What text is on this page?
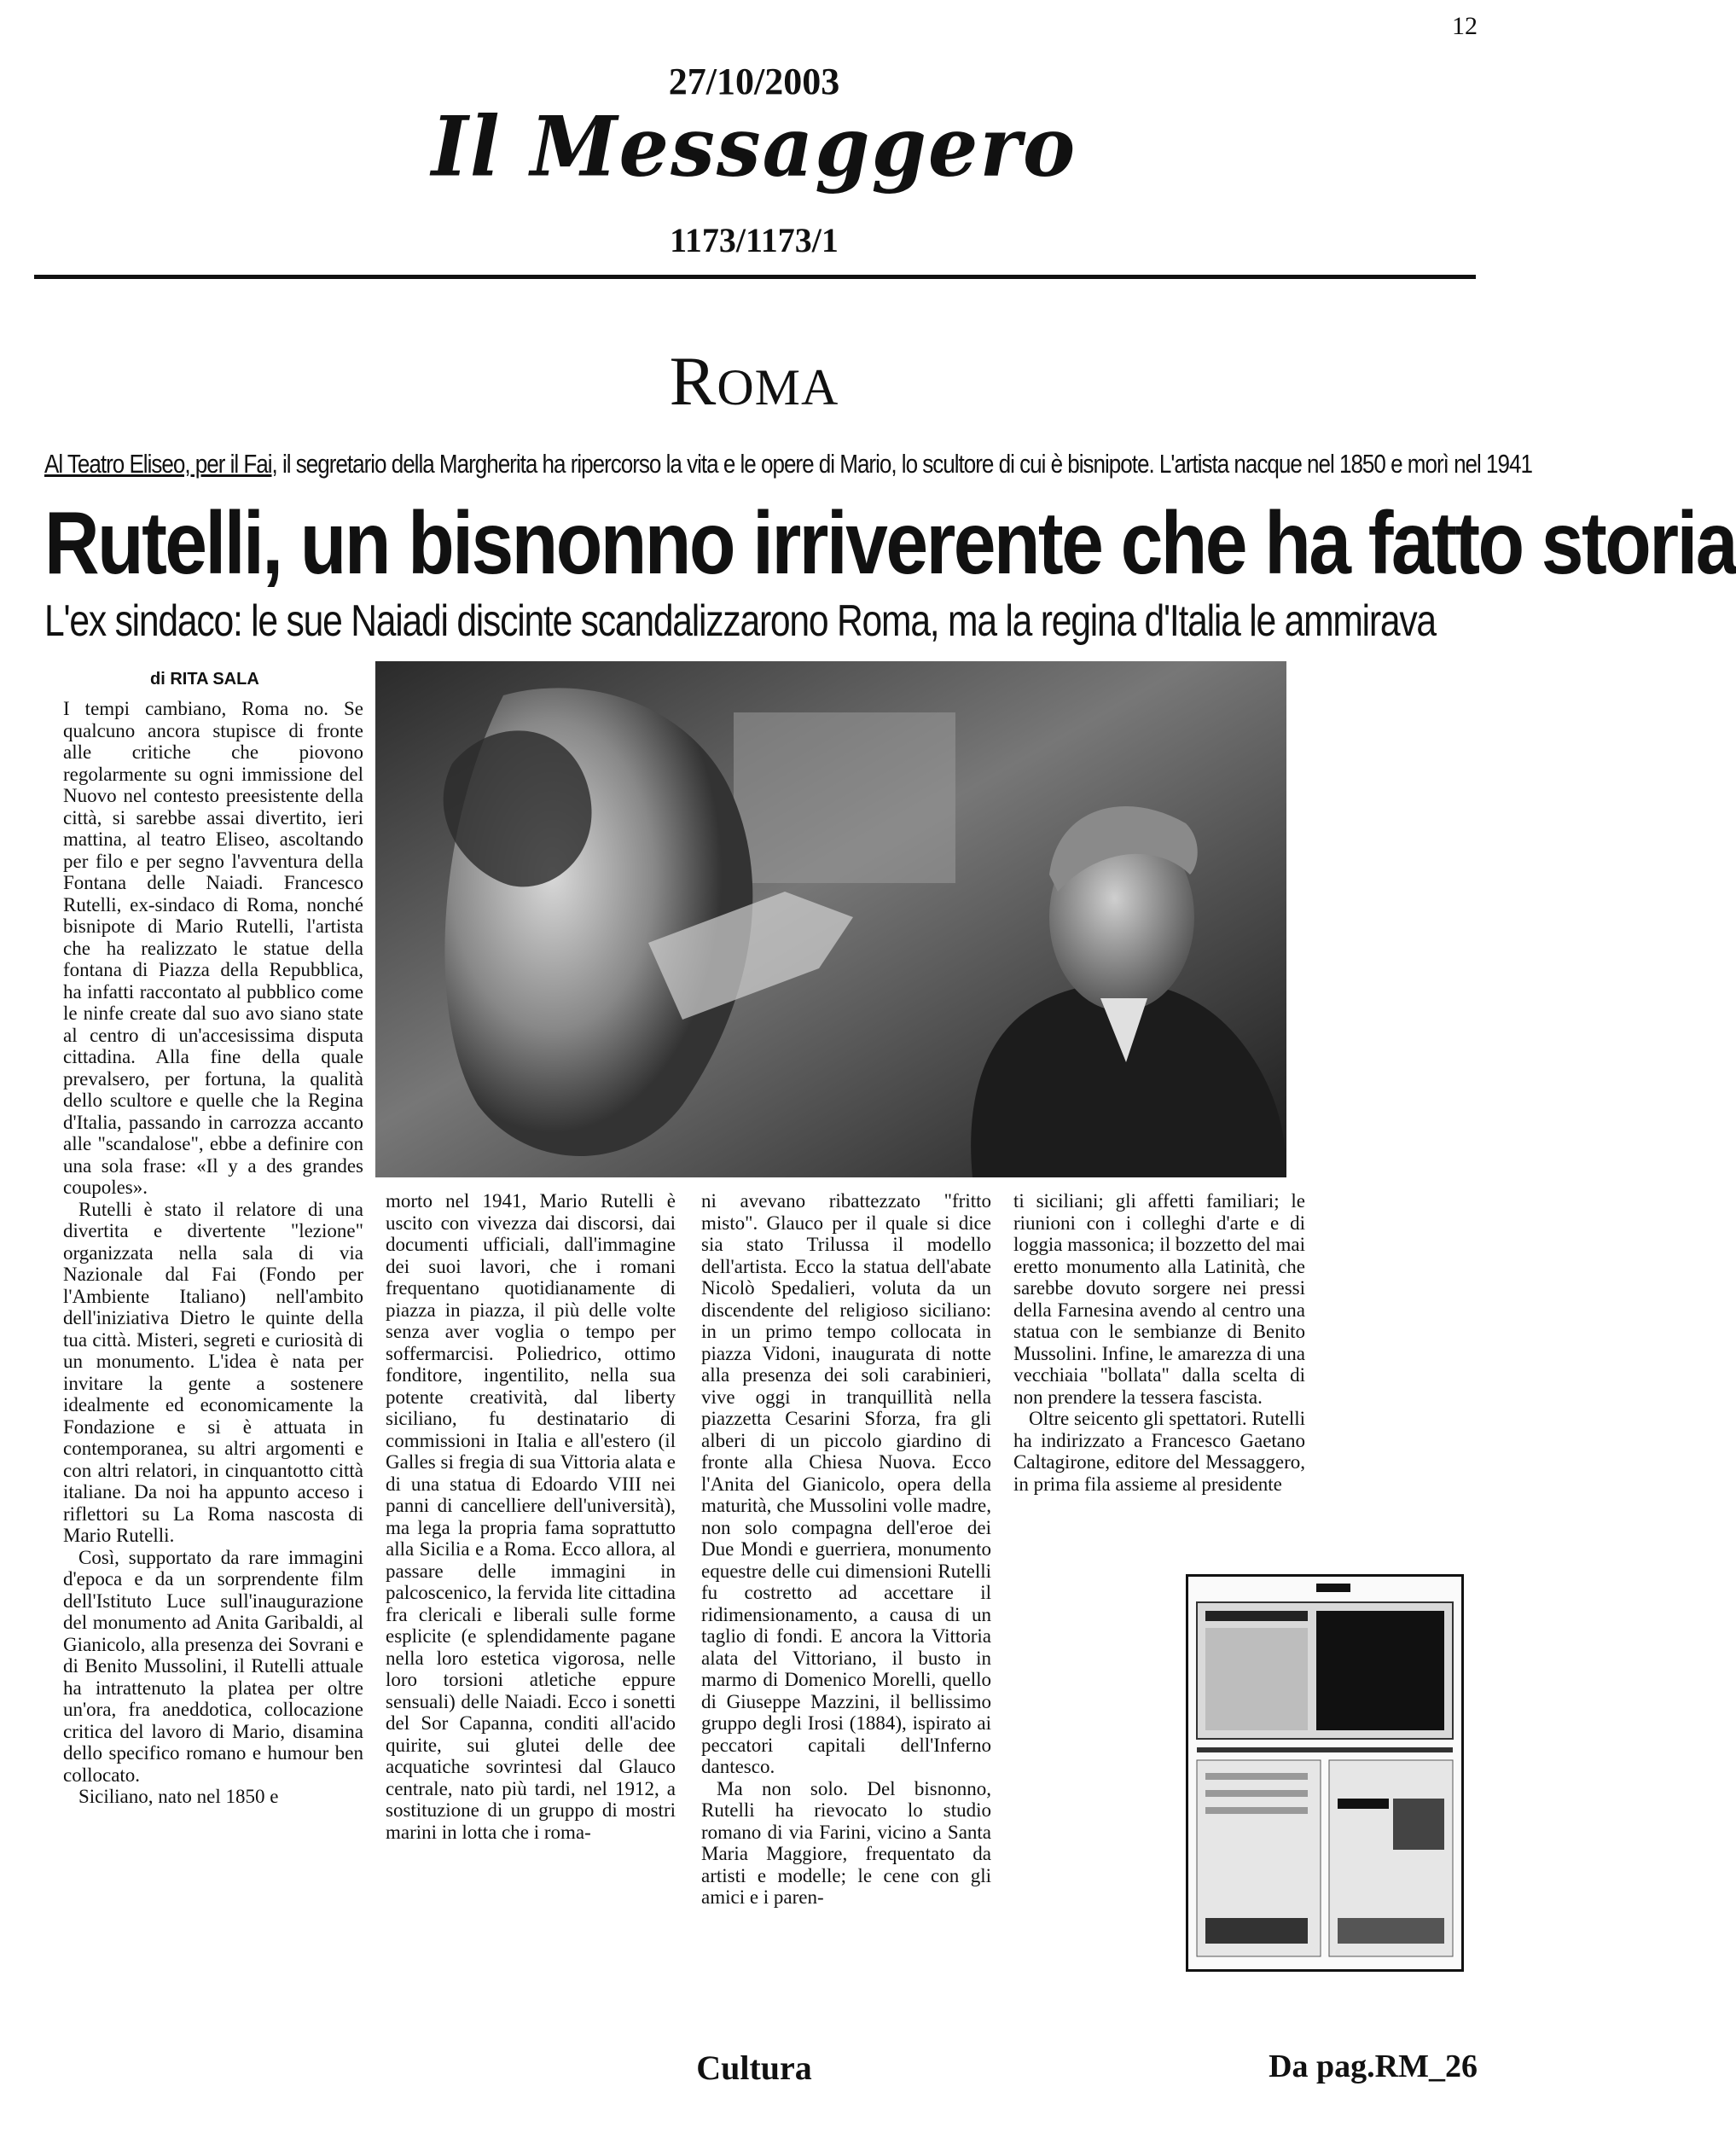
12
27/10/2003
Il Messaggero
1173/1173/1
ROMA
Al Teatro Eliseo, per il Fai, il segretario della Margherita ha ripercorso la vita e le opere di Mario, lo scultore di cui è bisnipote. L'artista nacque nel 1850 e morì nel 1941
Rutelli, un bisnonno irriverente che ha fatto storia
L'ex sindaco: le sue Naiadi discinte scandalizzarono Roma, ma la regina d'Italia le ammirava
di RITA SALA

I tempi cambiano, Roma no. Se qualcuno ancora stupisce di fronte alle critiche che piovono regolarmente su ogni immissione del Nuovo nel contesto preesistente della città, si sarebbe assai divertito, ieri mattina, al teatro Eliseo, ascoltando per filo e per segno l'avventura della Fontana delle Naiadi. Francesco Rutelli, ex-sindaco di Roma, nonché bisnipote di Mario Rutelli, l'artista che ha realizzato le statue della fontana di Piazza della Repubblica, ha infatti raccontato al pubblico come le ninfe create dal suo avo siano state al centro di un'accesissima disputa cittadina. Alla fine della quale prevalsero, per fortuna, la qualità dello scultore e quelle che la Regina d'Italia, passando in carrozza accanto alle "scandalose", ebbe a definire con una sola frase: «Il y a des grandes coupoles».

Rutelli è stato il relatore di una divertita e divertente "lezione" organizzata nella sala di via Nazionale dal Fai (Fondo per l'Ambiente Italiano) nell'ambito dell'iniziativa Dietro le quinte della tua città. Misteri, segreti e curiosità di un monumento. L'idea è nata per invitare la gente a sostenere idealmente ed economicamente la Fondazione e si è attuata in contemporanea, su altri argomenti e con altri relatori, in cinquantotto città italiane. Da noi ha appunto acceso i riflettori su La Roma nascosta di Mario Rutelli.

Così, supportato da rare immagini d'epoca e da un sorprendente film dell'Istituto Luce sull'inaugurazione del monumento ad Anita Garibaldi, al Gianicolo, alla presenza dei Sovrani e di Benito Mussolini, il Rutelli attuale ha intrattenuto la platea per oltre un'ora, fra aneddotica, collocazione critica del lavoro di Mario, disamina dello specifico romano e humour ben collocato.

Siciliano, nato nel 1850 e

morto nel 1941, Mario Rutelli è uscito con vivezza dai discorsi, dai documenti ufficiali, dall'immagine dei suoi lavori, che i romani frequentano quotidianamente di piazza in piazza, il più delle volte senza aver voglia o tempo per soffermarcisi. Poliedrico, ottimo fonditore, ingentilito, nella sua potente creatività, dal liberty siciliano, fu destinatario di commissioni in Italia e all'estero (il Galles si fregia di sua Vittoria alata e di una statua di Edoardo VIII nei panni di cancelliere dell'università), ma lega la propria fama soprattutto alla Sicilia e a Roma. Ecco allora, al passare delle immagini in palcoscenico, la fervida lite cittadina fra clericali e liberali sulle forme esplicite (e splendidamente pagane nella loro estetica vigorosa, nelle loro torsioni atletiche eppure sensuali) delle Naiadi. Ecco i sonetti del Sor Capanna, conditi all'acido quirite, sui glutei delle dee acquatiche sovrintesi dal Glauco centrale, nato più tardi, nel 1912, a sostituzione di un gruppo di mostri marini in lotta che i roma-

ni avevano ribattezzato "fritto misto". Glauco per il quale si dice sia stato Trilussa il modello dell'artista. Ecco la statua dell'abate Nicolò Spedalieri, voluta da un discendente del religioso siciliano: in un primo tempo collocata in piazza Vidoni, inaugurata di notte alla presenza dei soli carabinieri, vive oggi in tranquillità nella piazzetta Cesarini Sforza, fra gli alberi di un piccolo giardino di fronte alla Chiesa Nuova. Ecco l'Anita del Gianicolo, opera della maturità, che Mussolini volle madre, non solo compagna dell'eroe dei Due Mondi e guerriera, monumento equestre delle cui dimensioni Rutelli fu costretto ad accettare il ridimensionamento, a causa di un taglio di fondi. E ancora la Vittoria alata del Vittoriano, il busto in marmo di Domenico Morelli, quello di Giuseppe Mazzini, il bellissimo gruppo degli Irosi (1884), ispirato ai peccatori capitali dell'Inferno dantesco.

Ma non solo. Del bisnonno, Rutelli ha rievocato lo studio romano di via Farini, vicino a Santa Maria Maggiore, frequentato da artisti e modelle; le cene con gli amici e i paren-

ti siciliani; gli affetti familiari; le riunioni con i colleghi d'arte e di loggia massonica; il bozzetto del mai eretto monumento alla Latinità, che sarebbe dovuto sorgere nei pressi della Farnesina avendo al centro una statua con le sembianze di Benito Mussolini. Infine, le amarezza di una vecchiaia "bollata" dalla scelta di non prendere la tessera fascista.

Oltre seicento gli spettatori. Rutelli ha indirizzato a Francesco Gaetano Caltagirone, editore del Messaggero, in prima fila assieme al presidente

Cultura	Da pag.RM_26
